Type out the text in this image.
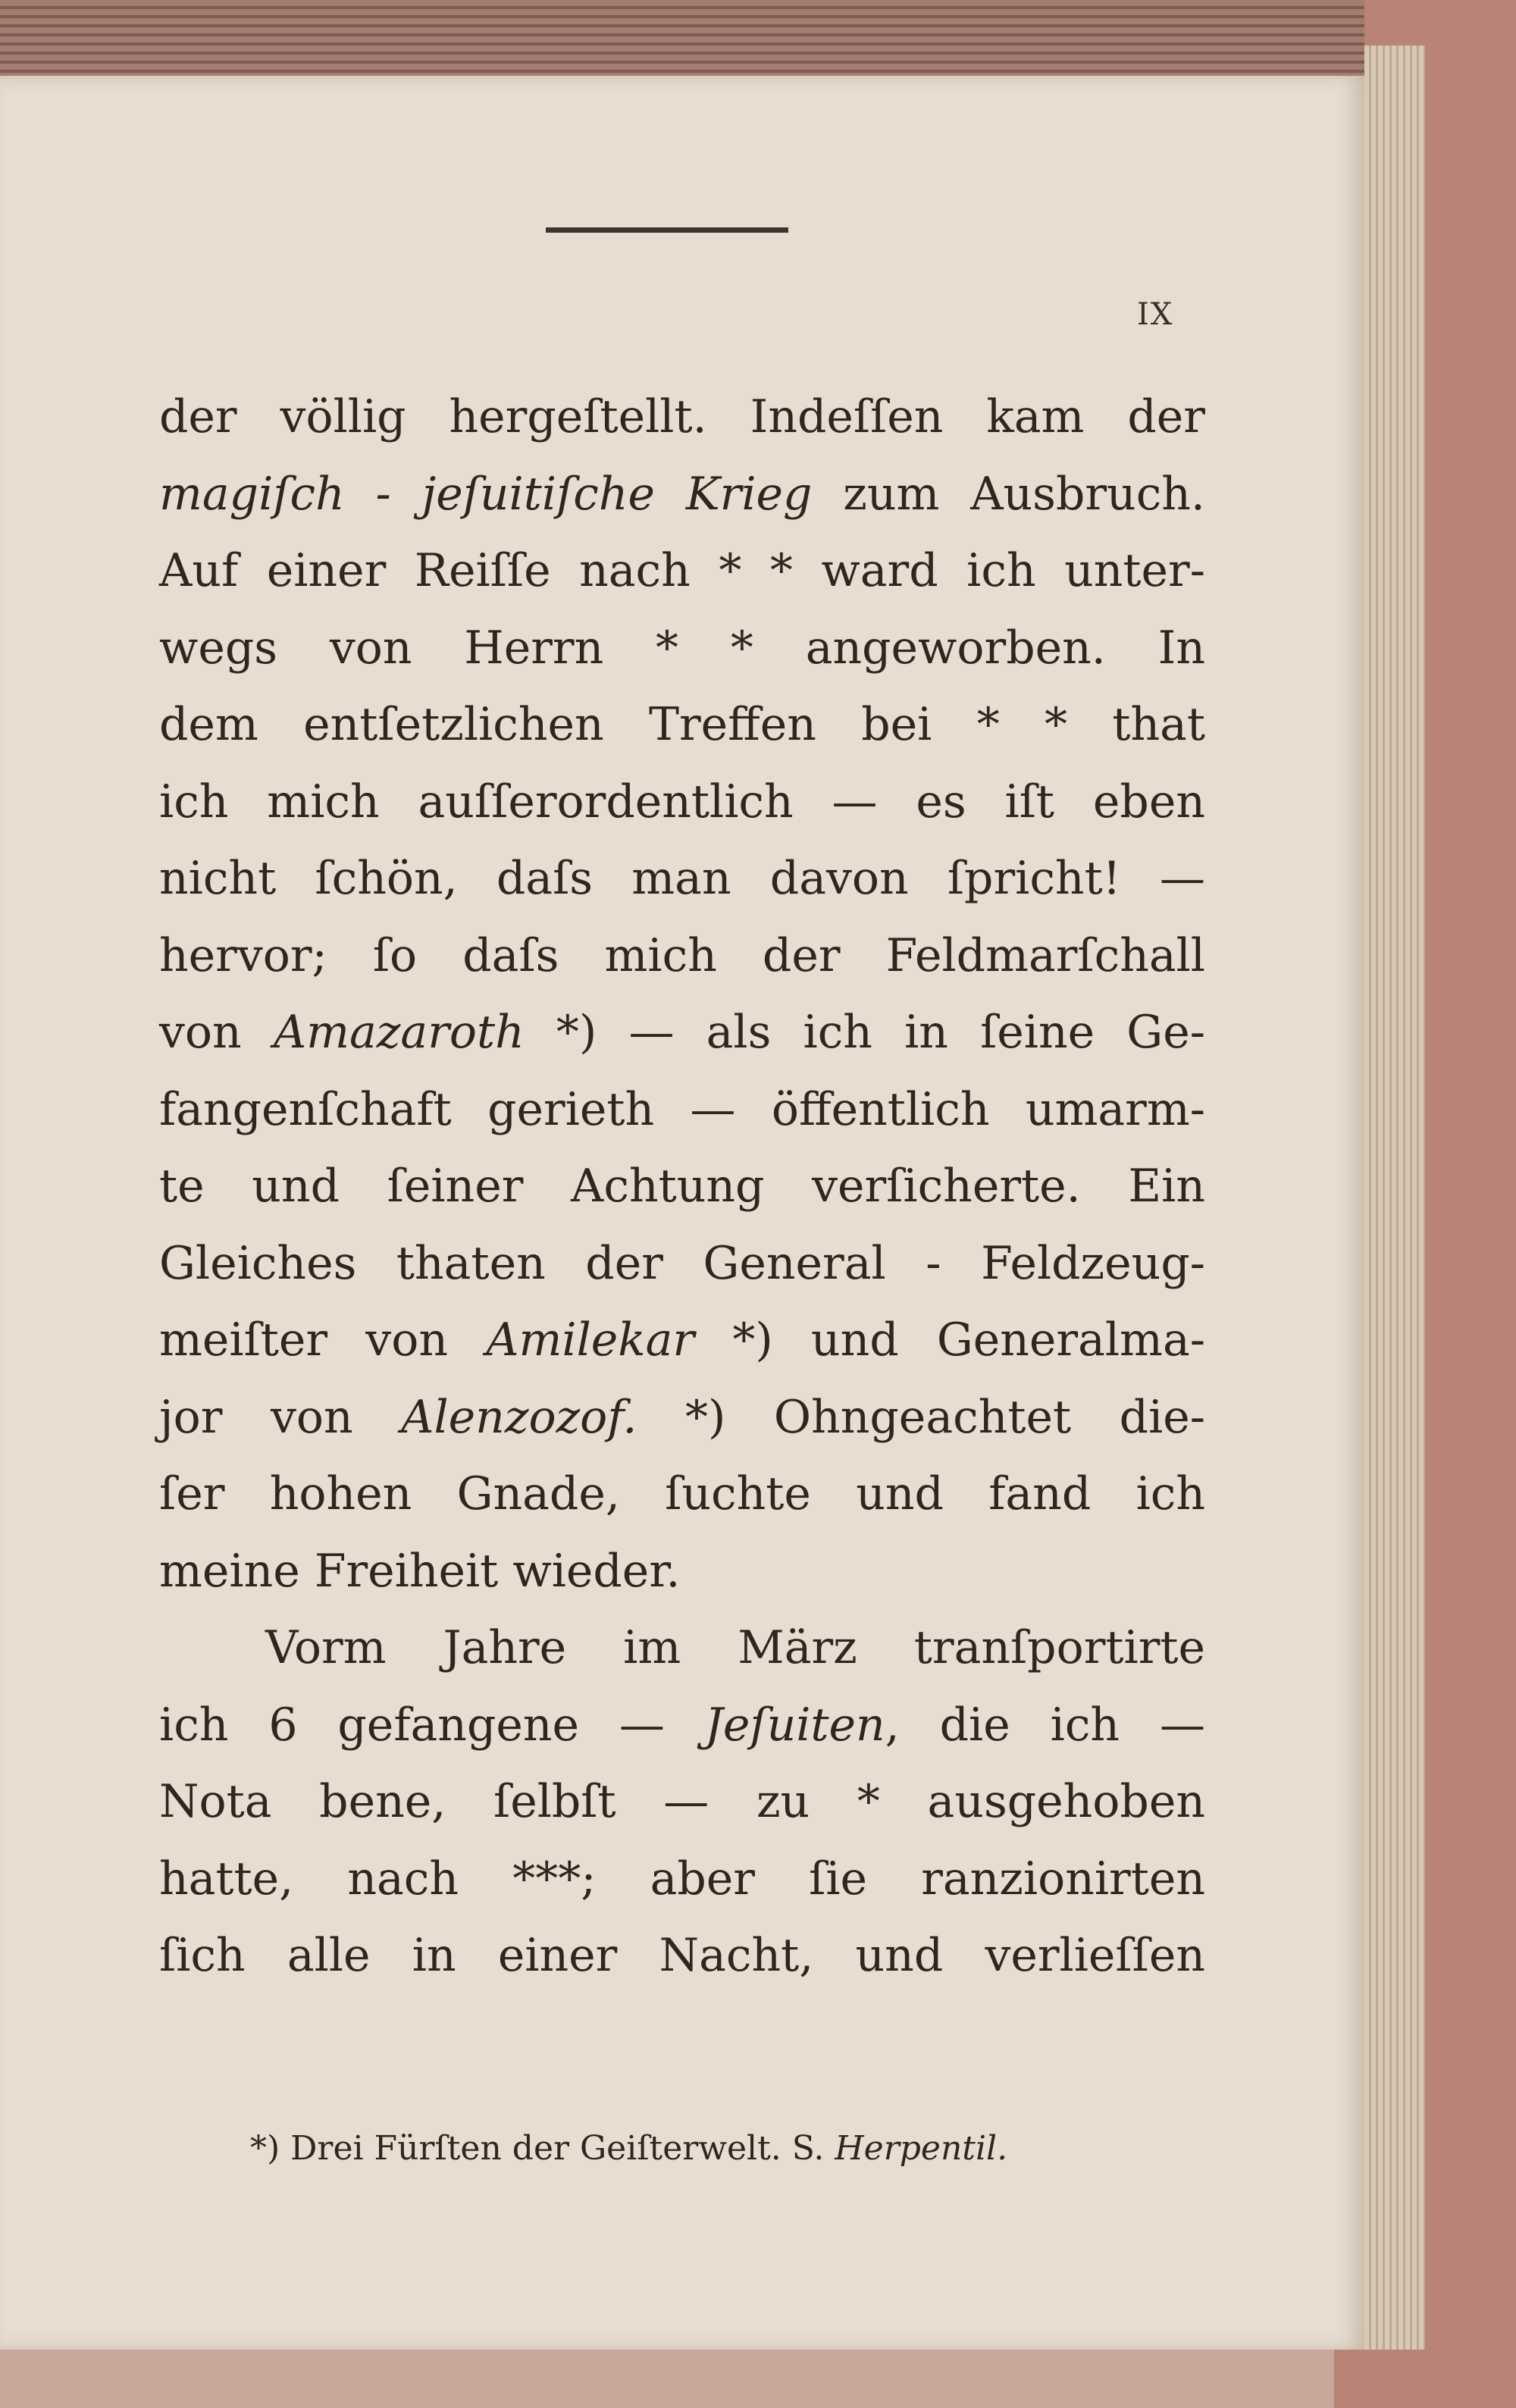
IX
der völlig hergeſtellt. Indeſſen kam der
magiſch - jeſuitiſche Krieg zum Ausbruch.
Auf einer Reiſſe nach * * ward ich unter-
wegs von Herrn * * angeworben. In
dem entſetzlichen Treffen bei * * that
ich mich auſſerordentlich — es iſt eben
nicht ſchön, daſs man davon ſpricht! —
hervor; ſo daſs mich der Feldmarſchall
von Amazaroth *) — als ich in ſeine Ge-
fangenſchaft gerieth — öffentlich umarm-
te und ſeiner Achtung verſicherte. Ein
Gleiches thaten der General - Feldzeug-
meiſter von Amilekar *) und Generalma-
jor von Alenzozof. *) Ohngeachtet die-
ſer hohen Gnade, ſuchte und fand ich
meine Freiheit wieder.
Vorm Jahre im März tranſportirte
ich 6 gefangene — Jeſuiten, die ich —
Nota bene, ſelbſt — zu * ausgehoben
hatte, nach ***; aber ſie ranzionirten
ſich alle in einer Nacht, und verlieſſen
*) Drei Fürſten der Geiſterwelt. S. Herpentil.
